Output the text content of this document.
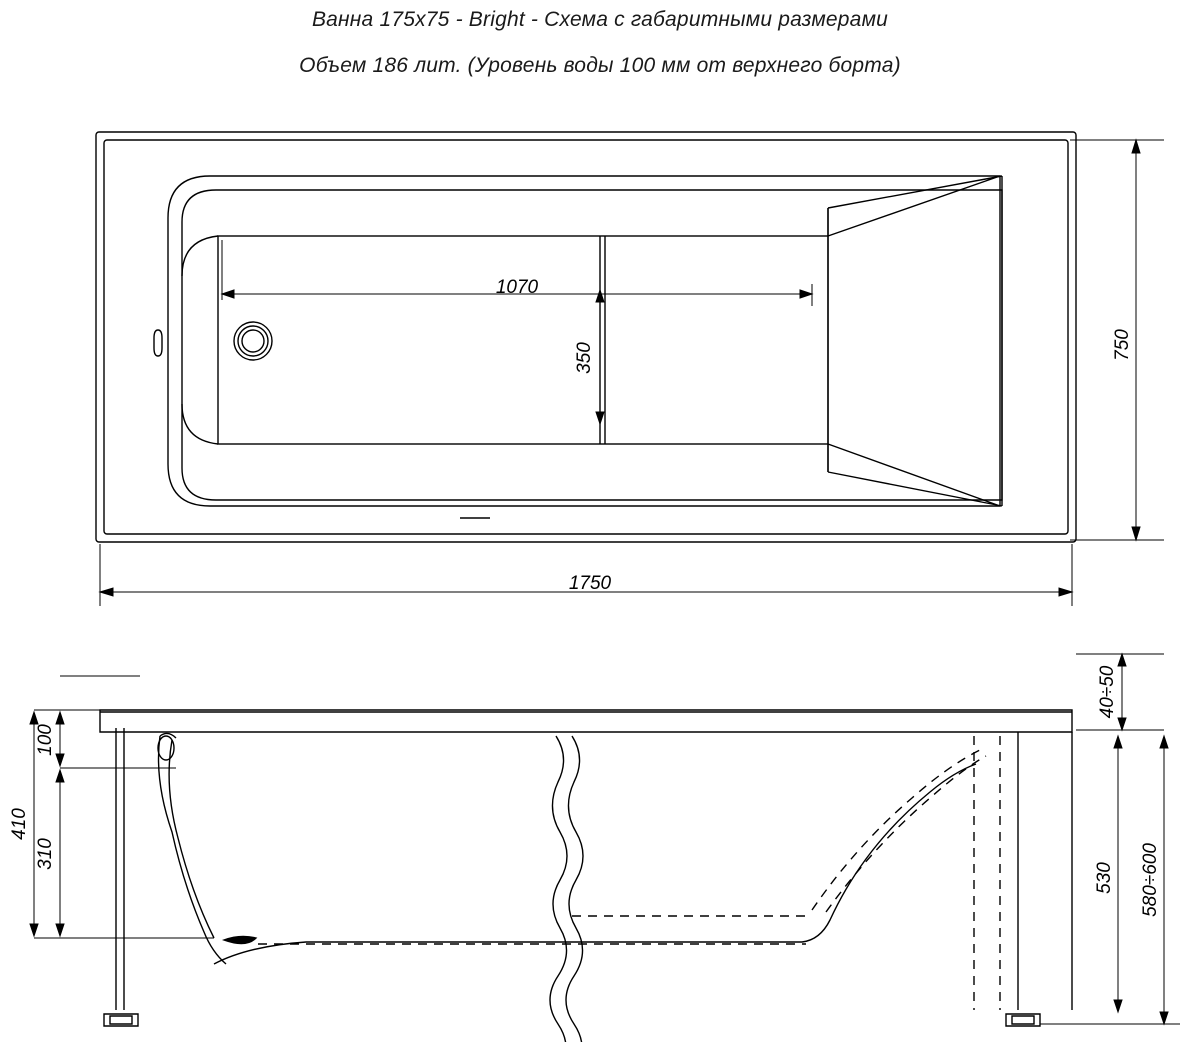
Ванна 175x75 - Bright - Схема с габаритными размерами
Объем 186 лит. (Уровень воды 100 мм от верхнего борта)
1070
350	750
1750
40÷50
100
410
310
530 580÷600
